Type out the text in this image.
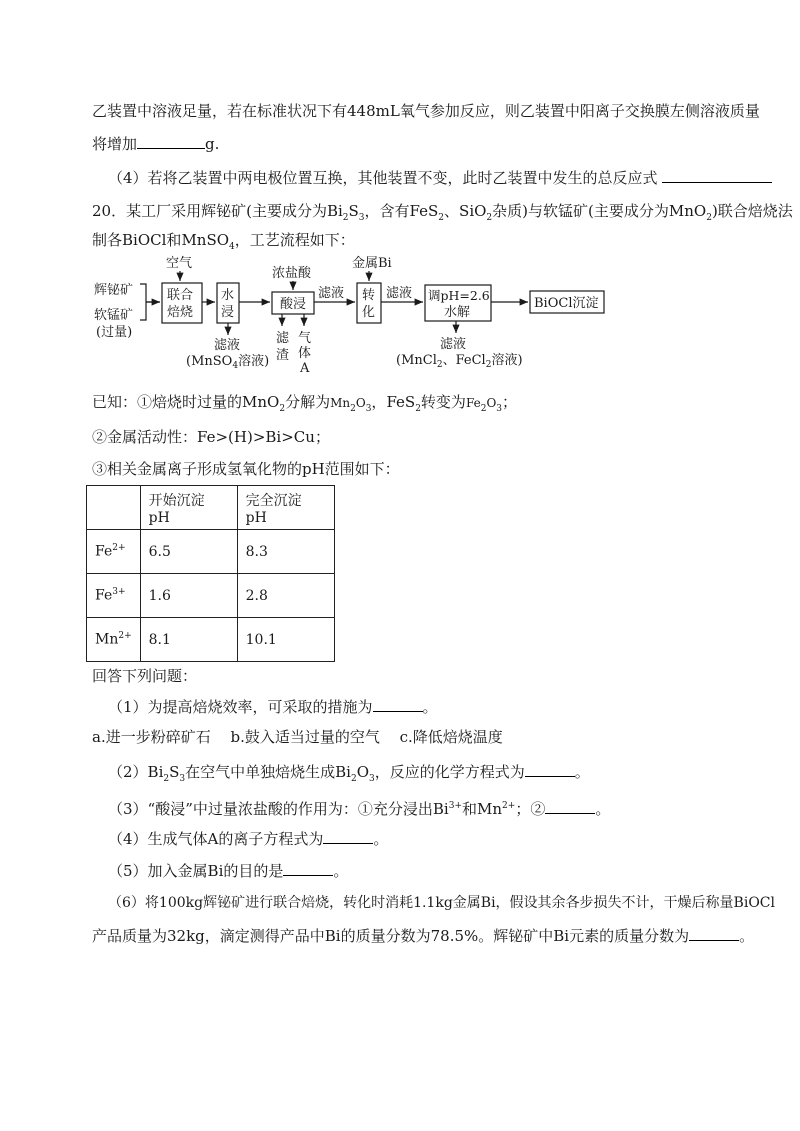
乙装置中溶液足量，若在标准状况下有448mL氧气参加反应，则乙装置中阳离子交换膜左侧溶液质量
将增加	g.
（4）若将乙装置中两电极位置互换，其他装置不变，此时乙装置中发生的总反应式
20．某工厂采用辉铋矿(主要成分为$Bi_2S_3$，含有FeS$_2$、SiO$_2$杂质)与软锰矿(主要成分为MnO$_2$)联合焙烧法
制各BiOCl和MnSO$_4$，工艺流程如下：
辉铋矿
软锰矿
(过量)
空气
联合
焙烧
水
浸
滤液
(MnSO$_4$溶液)
浓盐酸
酸浸
滤
渣
气
体
A
滤液
金属Bi
转
化
滤液 调pH=2.6
水解
滤液
(MnCl$_2$、FeCl$_2$溶液)
BiOCl沉淀
已知：①焙烧时过量的MnO$_2$分解为$Mn_2O_3$，FeS$_2$转变为$Fe_2O_3$；
②金属活动性：Fe>(H)>Bi>Cu；
③相关金属离子形成氢氧化物的pH范围如下：
	开始沉淀 pH	完全沉淀 pH
$Fe^{2+}$	6.5	8.3
$Fe^{3+}$	1.6	2.8
$Mn^{2+}$	8.1	10.1
回答下列问题：
（1）为提高焙烧效率，可采取的措施为	。
a.进一步粉碎矿石　 b.鼓入适当过量的空气　 c.降低焙烧温度
$(2)Bi_2S_3$在空气中单独焙烧生成$Bi_2O_3$，反应的化学方程式为	。
（3）“酸浸”中过量浓盐酸的作用为：①充分浸出$Bi^{3+}$和$Mn^{2+}$；②	。
（4）生成气体A的离子方程式为	。
（5）加入金属Bi的目的是	。
（6）将100kg辉铋矿进行联合焙烧，转化时消耗1.1kg金属Bi，假设其余各步损失不计，干燥后称量BiOCl
产品质量为32kg，滴定测得产品中Bi的质量分数为78.5%。辉铋矿中Bi元素的质量分数为	。
